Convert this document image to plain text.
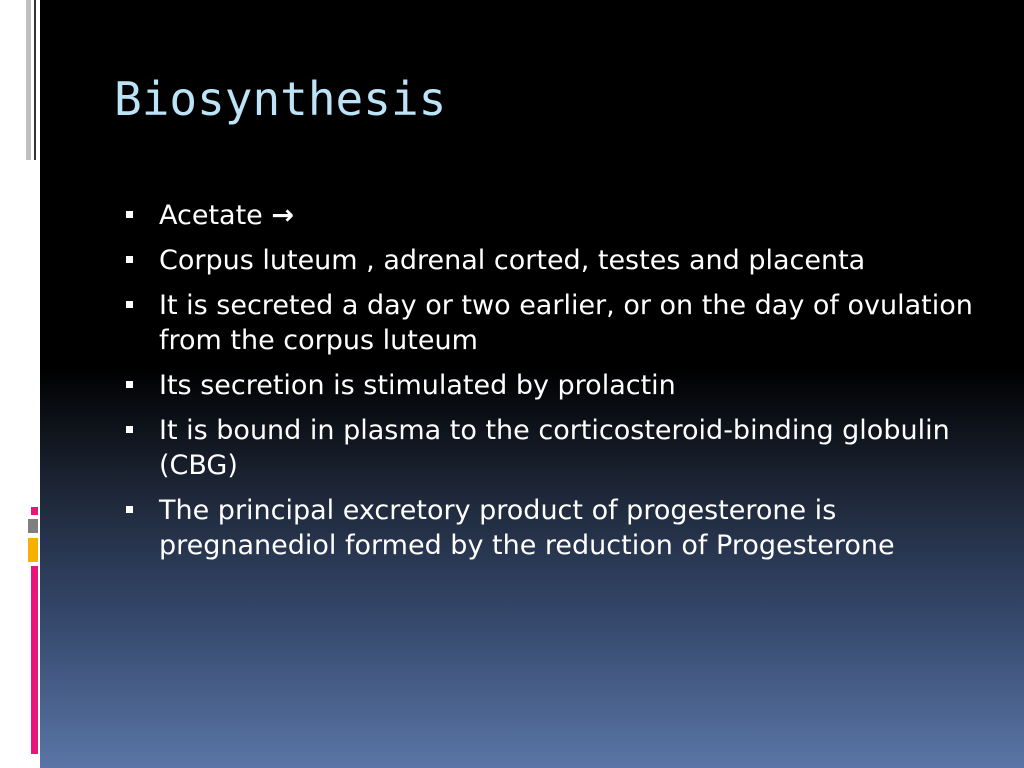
Biosynthesis
Acetate →
Corpus luteum , adrenal corted, testes and placenta
It is secreted a day or two earlier, or on the day of ovulation from the corpus luteum
Its secretion is stimulated by prolactin
It is bound in plasma to the corticosteroid-binding globulin (CBG)
The principal excretory product of progesterone is pregnanediol formed by the reduction of Progesterone
